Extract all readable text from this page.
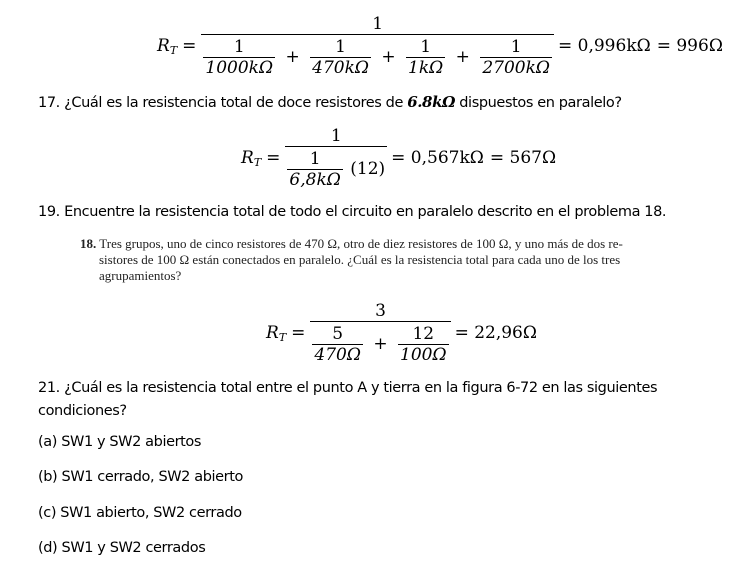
R T =
1
$\frac{1}{1000k\Omega} + \frac{1}{470k\Omega} + \frac{1}{1k\Omega} + \frac{1}{2700k\Omega} = 0,996k\Omega = 996\Omega$
17. ¿Cuál es la resistencia total de doce resistores de 6.8kΩ dispuestos en paralelo?
R $T = \frac{1}{\frac{1}{6,8k\Omega} (12)} = 0,567k\Omega = 567\Omega$
19. Encuentre la resistencia total de todo el circuito en paralelo descrito en el problema 18.
18. Tres grupos, uno de cinco resistores de 470 Ω, otro de diez resistores de 100 Ω, y uno más de dos re-
sistores de 100 Ω están conectados en paralelo. ¿Cuál es la resistencia total para cada uno de los tres
agrupamientos?
R $T = \frac{3}{\frac{5}{470\Omega} + \frac{12}{100\Omega}} = 22,96\Omega$
21. ¿Cuál es la resistencia total entre el punto A y tierra en la figura 6-72 en las siguientes
condiciones?
(a) SW1 y SW2 abiertos
(b) SW1 cerrado, SW2 abierto
(c) SW1 abierto, SW2 cerrado
(d) SW1 y SW2 cerrados
